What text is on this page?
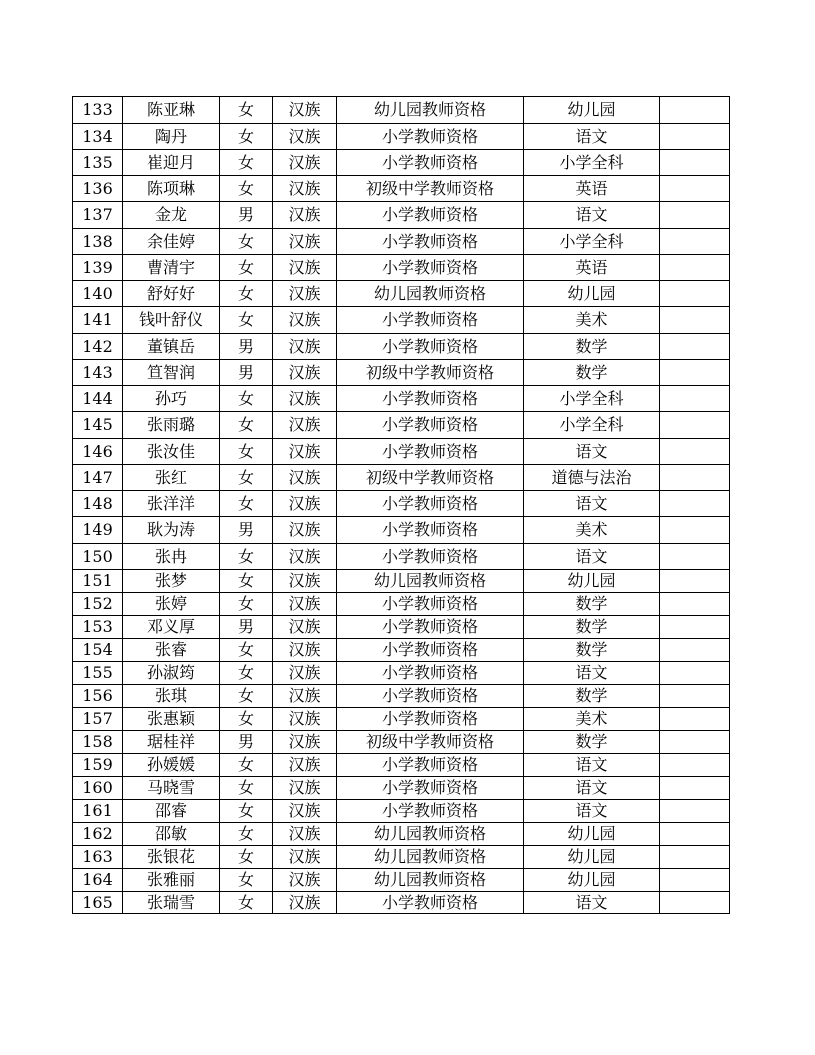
133	陈亚琳	女	汉族	幼儿园教师资格	幼儿园	
134	陶丹	女	汉族	小学教师资格	语文	
135	崔迎月	女	汉族	小学教师资格	小学全科	
136	陈项琳	女	汉族	初级中学教师资格	英语	
137	金龙	男	汉族	小学教师资格	语文	
138	余佳婷	女	汉族	小学教师资格	小学全科	
139	曹清宇	女	汉族	小学教师资格	英语	
140	舒好好	女	汉族	幼儿园教师资格	幼儿园	
141	钱叶舒仪	女	汉族	小学教师资格	美术	
142	董镇岳	男	汉族	小学教师资格	数学	
143	笪智润	男	汉族	初级中学教师资格	数学	
144	孙巧	女	汉族	小学教师资格	小学全科	
145	张雨璐	女	汉族	小学教师资格	小学全科	
146	张汝佳	女	汉族	小学教师资格	语文	
147	张红	女	汉族	初级中学教师资格	道德与法治	
148	张洋洋	女	汉族	小学教师资格	语文	
149	耿为涛	男	汉族	小学教师资格	美术	
150	张冉	女	汉族	小学教师资格	语文	
151	张梦	女	汉族	幼儿园教师资格	幼儿园	
152	张婷	女	汉族	小学教师资格	数学	
153	邓义厚	男	汉族	小学教师资格	数学	
154	张睿	女	汉族	小学教师资格	数学	
155	孙淑筠	女	汉族	小学教师资格	语文	
156	张琪	女	汉族	小学教师资格	数学	
157	张惠颖	女	汉族	小学教师资格	美术	
158	琚桂祥	男	汉族	初级中学教师资格	数学	
159	孙媛媛	女	汉族	小学教师资格	语文	
160	马晓雪	女	汉族	小学教师资格	语文	
161	邵睿	女	汉族	小学教师资格	语文	
162	邵敏	女	汉族	幼儿园教师资格	幼儿园	
163	张银花	女	汉族	幼儿园教师资格	幼儿园	
164	张雅丽	女	汉族	幼儿园教师资格	幼儿园	
165	张瑞雪	女	汉族	小学教师资格	语文	
